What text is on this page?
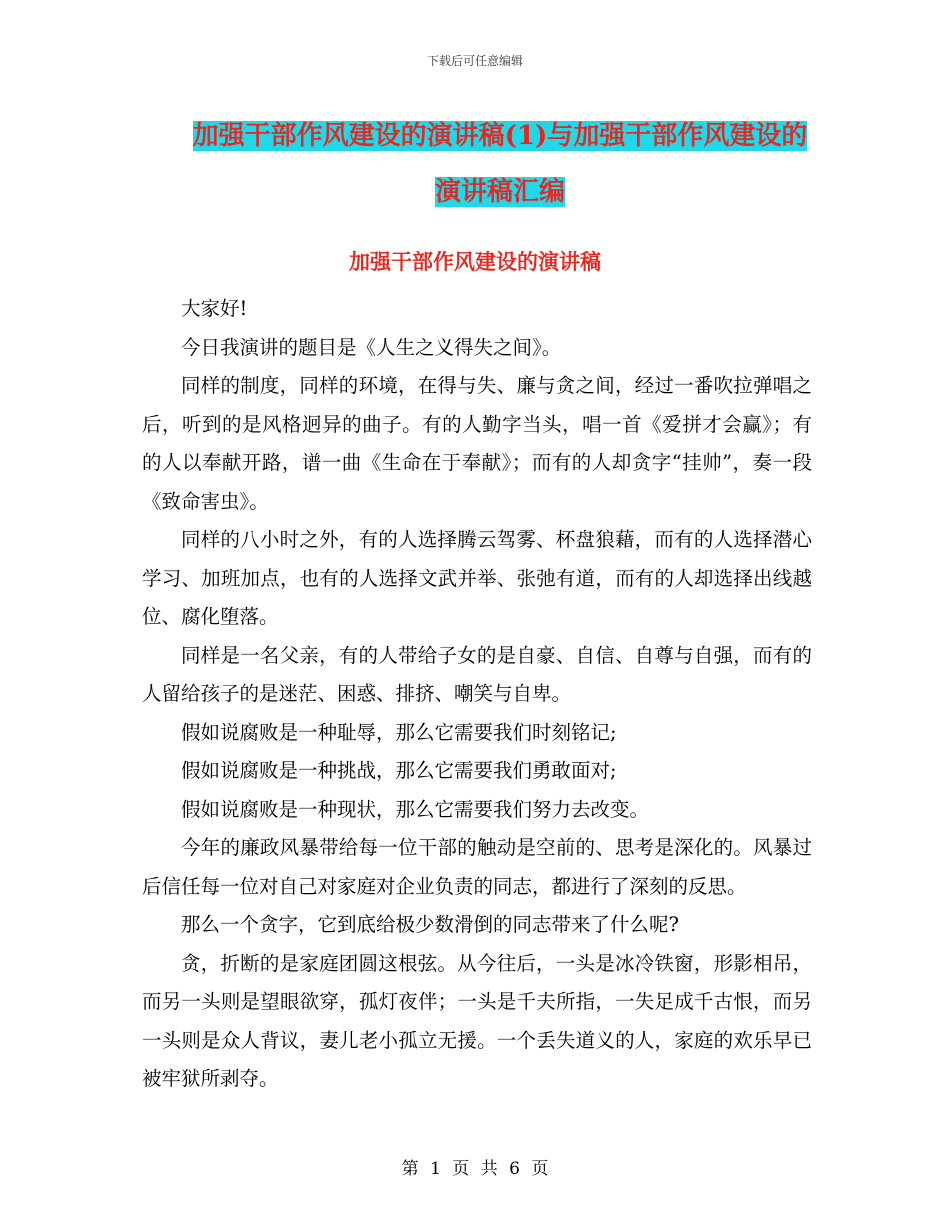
下载后可任意编辑
加强干部作风建设的演讲稿(1)与加强干部作风建设的
演讲稿汇编
加强干部作风建设的演讲稿

大家好!

今日我演讲的题目是《人生之义得失之间》。

同样的制度，同样的环境，在得与失、廉与贪之间，经过一番吹拉弹唱之后，听到的是风格迥异的曲子。有的人勤字当头，唱一首《爱拼才会赢》；有的人以奉献开路，谱一曲《生命在于奉献》；而有的人却贪字“挂帅”，奏一段《致命害虫》。

同样的八小时之外，有的人选择腾云驾雾、杯盘狼藉，而有的人选择潜心学习、加班加点，也有的人选择文武并举、张弛有道，而有的人却选择出线越位、腐化堕落。

同样是一名父亲，有的人带给子女的是自豪、自信、自尊与自强，而有的人留给孩子的是迷茫、困惑、排挤、嘲笑与自卑。

假如说腐败是一种耻辱，那么它需要我们时刻铭记;

假如说腐败是一种挑战，那么它需要我们勇敢面对;

假如说腐败是一种现状，那么它需要我们努力去改变。

今年的廉政风暴带给每一位干部的触动是空前的、思考是深化的。风暴过后信任每一位对自己对家庭对企业负责的同志，都进行了深刻的反思。

那么一个贪字，它到底给极少数滑倒的同志带来了什么呢?

贪，折断的是家庭团圆这根弦。从今往后，一头是冰冷铁窗，形影相吊，而另一头则是望眼欲穿，孤灯夜伴；一头是千夫所指，一失足成千古恨，而另一头则是众人背议，妻儿老小孤立无援。一个丢失道义的人，家庭的欢乐早已被牢狱所剥夺。

第 1 页 共 6 页
